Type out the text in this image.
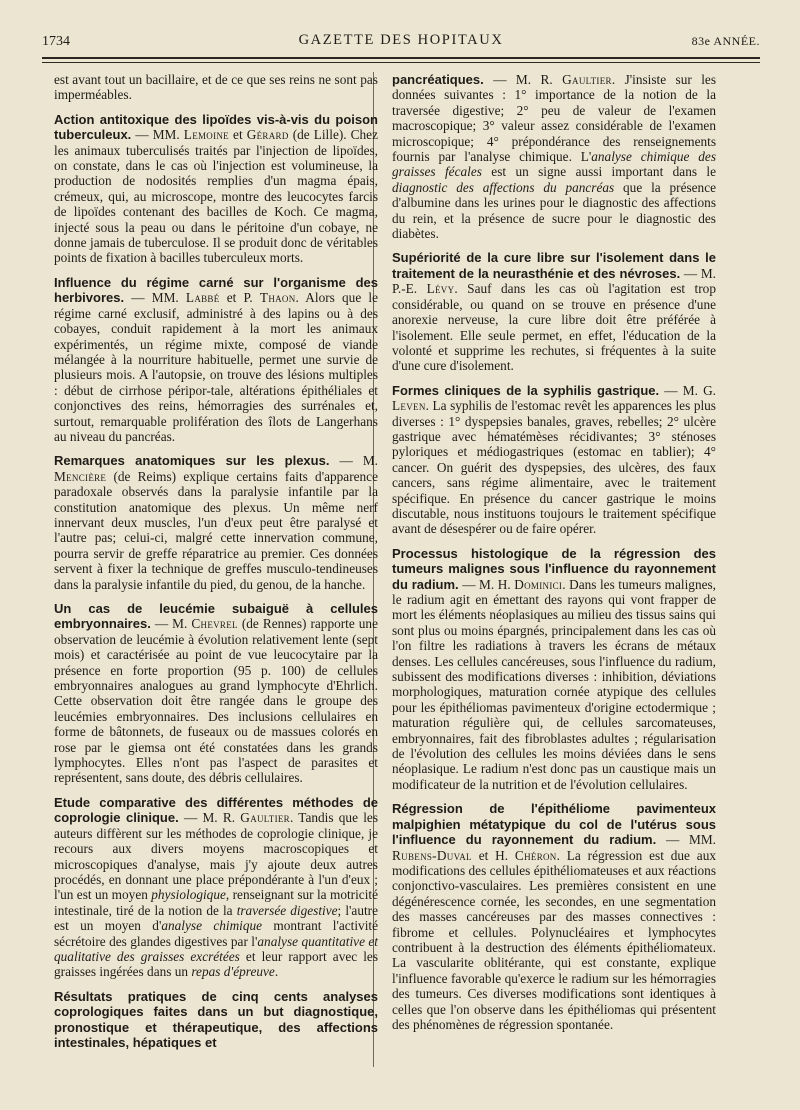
1734	GAZETTE DES HOPITAUX	83e ANNÉE.

est avant tout un bacillaire, et de ce que ses reins ne sont pas imperméables.

Action antitoxique des lipoïdes vis-à-vis du poison tuberculeux. — MM. Lemoine et Gérard (de Lille). Chez les animaux tuberculisés traités par l'injection de lipoïdes, on constate, dans le cas où l'injection est volumineuse, la production de nodosités remplies d'un magma épais, crémeux, qui, au microscope, montre des leucocytes farcis de lipoïdes contenant des bacilles de Koch. Ce magma, injecté sous la peau ou dans le péritoine d'un cobaye, ne donne jamais de tuberculose. Il se produit donc de véritables points de fixation à bacilles tuberculeux morts.

Influence du régime carné sur l'organisme des herbivores. — MM. Labbé et P. Thaon. Alors que le régime carné exclusif, administré à des lapins ou à des cobayes, conduit rapidement à la mort les animaux expérimentés, un régime mixte, composé de viande mélangée à la nourriture habituelle, permet une survie de plusieurs mois. A l'autopsie, on trouve des lésions multiples : début de cirrhose péripor-tale, altérations épithéliales et conjonctives des reins, hémorragies des surrénales et, surtout, remarquable prolifération des îlots de Langerhans au niveau du pancréas.

Remarques anatomiques sur les plexus. — M. Mencière (de Reims) explique certains faits d'apparence paradoxale observés dans la paralysie infantile par la constitution anatomique des plexus. Un même nerf innervant deux muscles, l'un d'eux peut être paralysé et l'autre pas; celui-ci, malgré cette innervation commune, pourra servir de greffe réparatrice au premier. Ces données servent à fixer la technique de greffes musculo-tendineuses dans la paralysie infantile du pied, du genou, de la hanche.

Un cas de leucémie subaiguë à cellules embryonnaires. — M. Chevrel (de Rennes) rapporte une observation de leucémie à évolution relativement lente (sept mois) et caractérisée au point de vue leucocytaire par la présence en forte proportion (95 p. 100) de cellules embryonnaires analogues au grand lymphocyte d'Ehrlich. Cette observation doit être rangée dans le groupe des leucémies embryonnaires. Des inclusions cellulaires en forme de bâtonnets, de fuseaux ou de massues colorés en rose par le giemsa ont été constatées dans les grands lymphocytes. Elles n'ont pas l'aspect de parasites et représentent, sans doute, des débris cellulaires.

Etude comparative des différentes méthodes de coprologie clinique. — M. R. Gaultier. Tandis que les auteurs diffèrent sur les méthodes de coprologie clinique, je recours aux divers moyens macroscopiques et microscopiques d'analyse, mais j'y ajoute deux autres procédés, en donnant une place prépondérante à l'un d'eux ; l'un est un moyen physiologique, renseignant sur la motricité intestinale, tiré de la notion de la traversée digestive; l'autre est un moyen d'analyse chimique montrant l'activité sécrétoire des glandes digestives par l'analyse quantitative et qualitative des graisses excrétées et leur rapport avec les graisses ingérées dans un repas d'épreuve.

Résultats pratiques de cinq cents analyses coprologiques faites dans un but diagnostique, pronostique et thérapeutique, des affections intestinales, hépatiques et

pancréatiques. — M. R. Gaultier. J'insiste sur les données suivantes : 1° importance de la notion de la traversée digestive; 2° peu de valeur de l'examen macroscopique; 3° valeur assez considérable de l'examen microscopique; 4° prépondérance des renseignements fournis par l'analyse chimique. L'analyse chimique des graisses fécales est un signe aussi important dans le diagnostic des affections du pancréas que la présence d'albumine dans les urines pour le diagnostic des affections du rein, et la présence de sucre pour le diagnostic des diabètes.

Supériorité de la cure libre sur l'isolement dans le traitement de la neurasthénie et des névroses. — M. P.-E. Lévy. Sauf dans les cas où l'agitation est trop considérable, ou quand on se trouve en présence d'une anorexie nerveuse, la cure libre doit être préférée à l'isolement. Elle seule permet, en effet, l'éducation de la volonté et supprime les rechutes, si fréquentes à la suite d'une cure d'isolement.

Formes cliniques de la syphilis gastrique. — M. G. Leven. La syphilis de l'estomac revêt les apparences les plus diverses : 1° dyspepsies banales, graves, rebelles; 2° ulcère gastrique avec hématémèses récidivantes; 3° sténoses pyloriques et médiogastriques (estomac en tablier); 4° cancer. On guérit des dyspepsies, des ulcères, des faux cancers, sans régime alimentaire, avec le traitement spécifique. En présence du cancer gastrique le moins discutable, nous instituons toujours le traitement spécifique avant de désespérer ou de faire opérer.

Processus histologique de la régression des tumeurs malignes sous l'influence du rayonnement du radium. — M. H. Dominici. Dans les tumeurs malignes, le radium agit en émettant des rayons qui vont frapper de mort les éléments néoplasiques au milieu des tissus sains qui sont plus ou moins épargnés, principalement dans les cas où l'on filtre les radiations à travers les écrans de métaux denses. Les cellules cancéreuses, sous l'influence du radium, subissent des modifications diverses : inhibition, déviations morphologiques, maturation cornée atypique des cellules pour les épithéliomas pavimenteux d'origine ectodermique ; maturation régulière qui, de cellules sarcomateuses, embryonnaires, fait des fibroblastes adultes ; régularisation de l'évolution des cellules les moins déviées dans le sens néoplasique. Le radium n'est donc pas un caustique mais un modificateur de la nutrition et de l'évolution cellulaires.

Régression de l'épithéliome pavimenteux malpighien métatypique du col de l'utérus sous l'influence du rayonnement du radium. — MM. Rubens-Duval et H. Chéron. La régression est due aux modifications des cellules épithéliomateuses et aux réactions conjonctivo-vasculaires. Les premières consistent en une dégénérescence cornée, les secondes, en une segmentation des masses cancéreuses par des masses connectives : fibrome et cellules. Polynucléaires et lymphocytes contribuent à la destruction des éléments épithéliomateux. La vascularite oblitérante, qui est constante, explique l'influence favorable qu'exerce le radium sur les hémorragies des tumeurs. Ces diverses modifications sont identiques à celles que l'on observe dans les épithéliomas qui présentent des phénomènes de régression spontanée.
